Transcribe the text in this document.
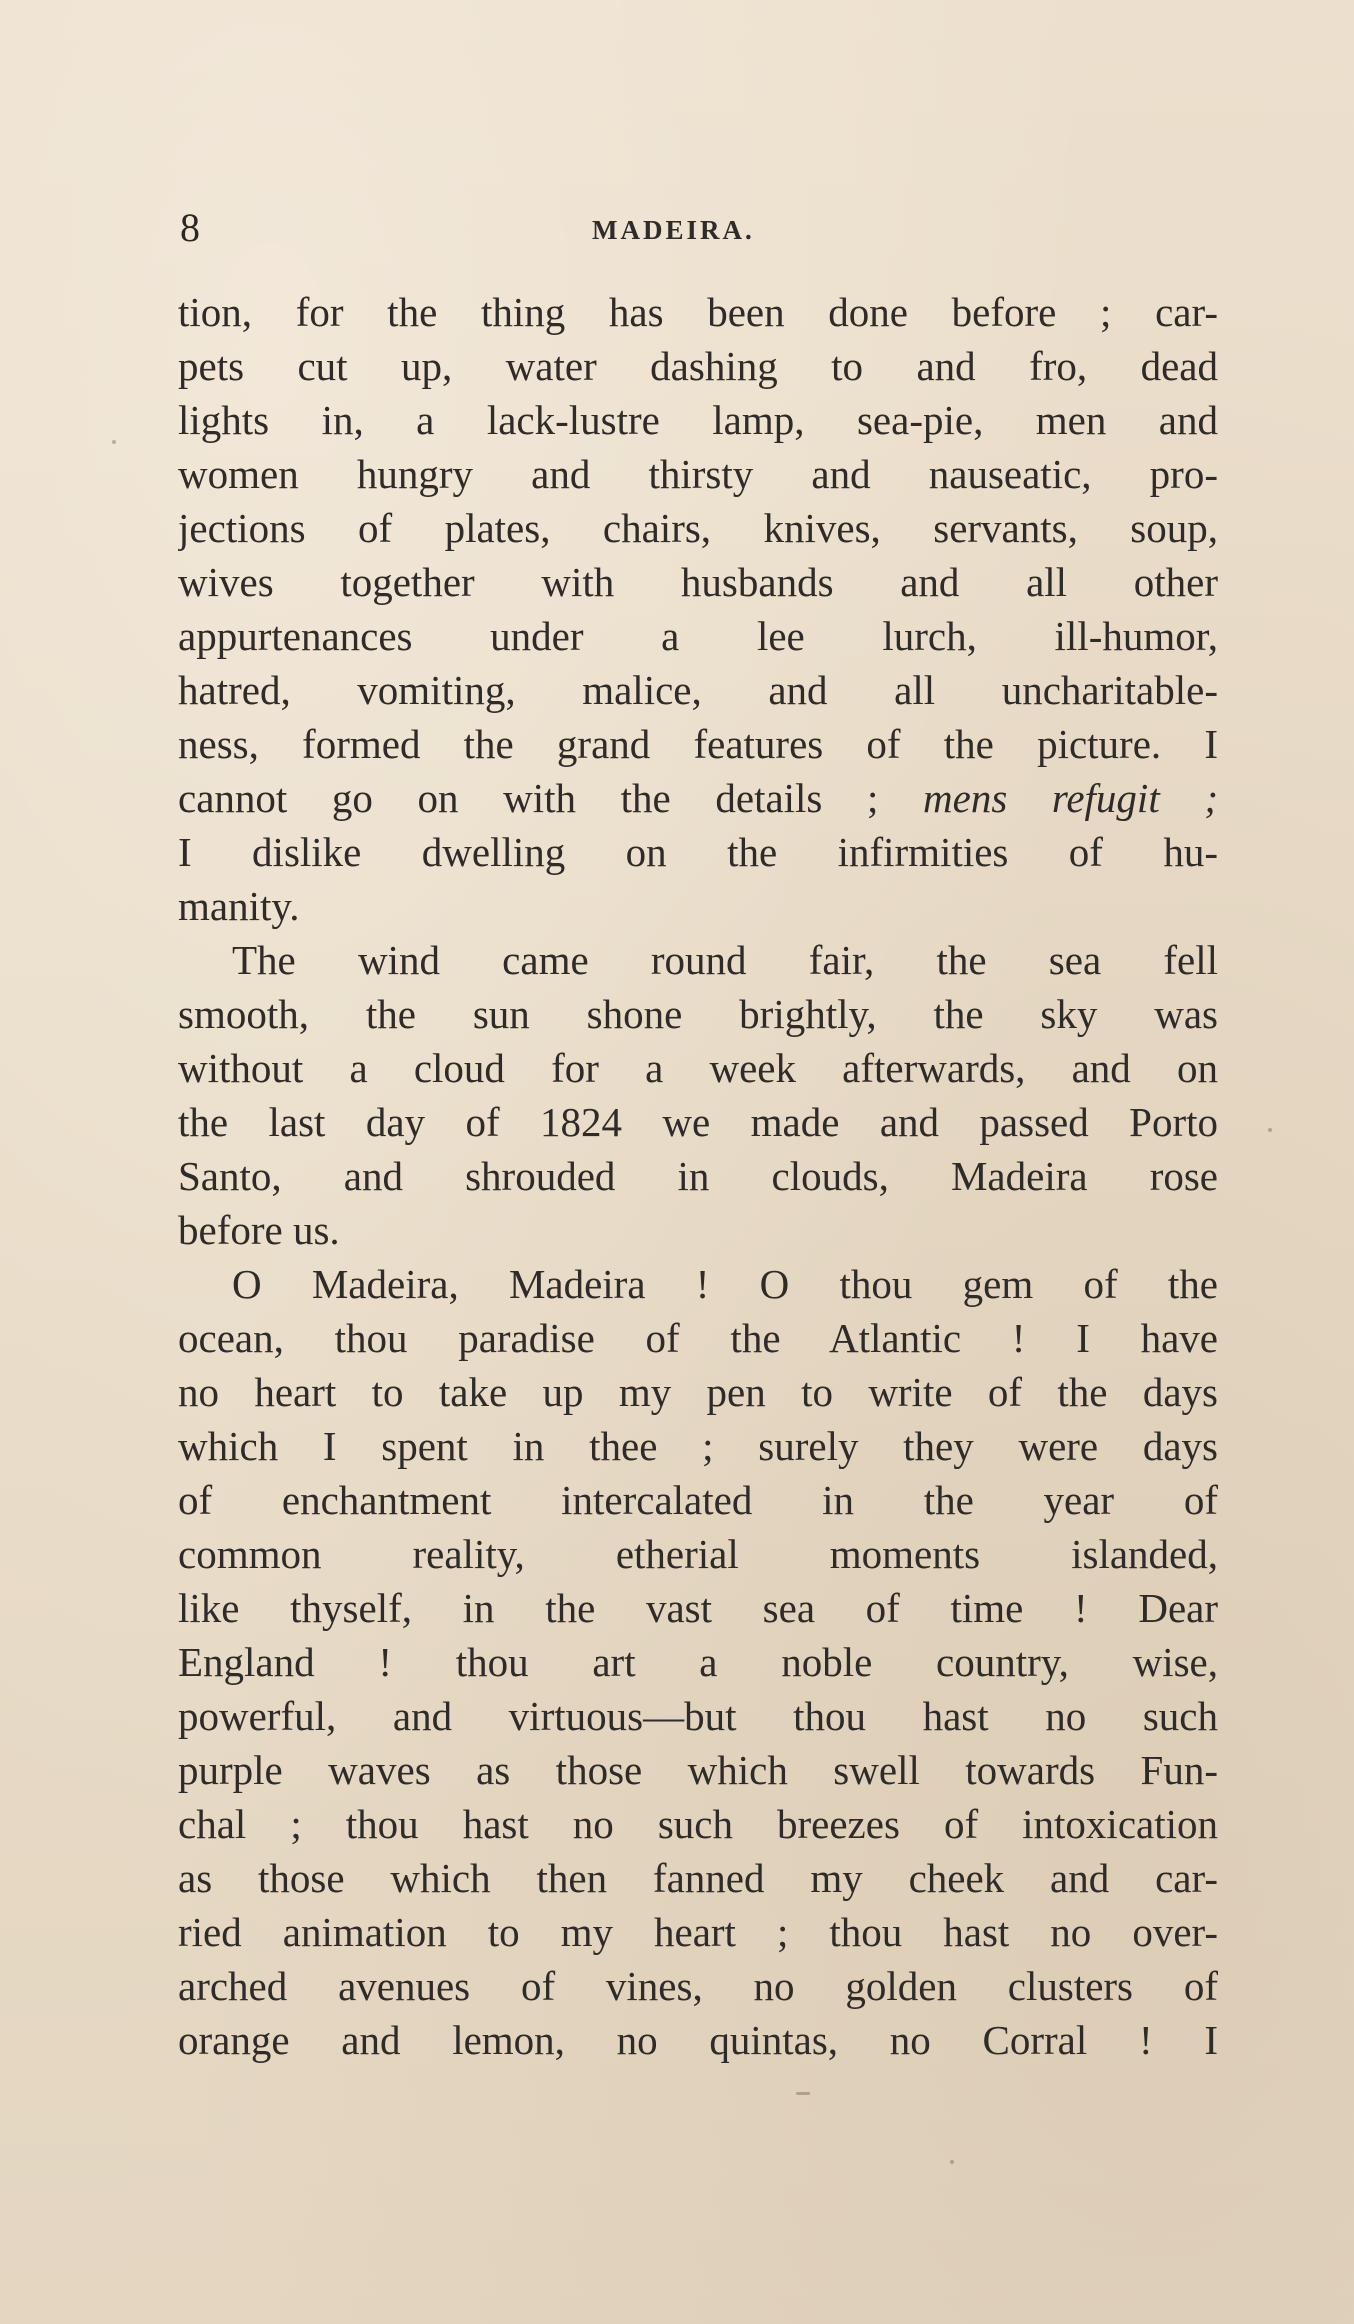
8	MADEIRA.
tion, for the thing has been done before ; car-
pets cut up, water dashing to and fro, dead
lights in, a lack-lustre lamp, sea-pie, men and
women hungry and thirsty and nauseatic, pro-
jections of plates, chairs, knives, servants, soup,
wives together with husbands and all other
appurtenances under a lee lurch, ill-humor,
hatred, vomiting, malice, and all uncharitable-
ness, formed the grand features of the picture. I
cannot go on with the details ; mens refugit ;
I dislike dwelling on the infirmities of hu-
manity.
The wind came round fair, the sea fell
smooth, the sun shone brightly, the sky was
without a cloud for a week afterwards, and on
the last day of 1824 we made and passed Porto
Santo, and shrouded in clouds, Madeira rose
before us.
O Madeira, Madeira ! O thou gem of the
ocean, thou paradise of the Atlantic ! I have
no heart to take up my pen to write of the days
which I spent in thee ; surely they were days
of enchantment intercalated in the year of
common reality, etherial moments islanded,
like thyself, in the vast sea of time ! Dear
England ! thou art a noble country, wise,
powerful, and virtuous—but thou hast no such
purple waves as those which swell towards Fun-
chal ; thou hast no such breezes of intoxication
as those which then fanned my cheek and car-
ried animation to my heart ; thou hast no over-
arched avenues of vines, no golden clusters of
orange and lemon, no quintas, no Corral ! I
